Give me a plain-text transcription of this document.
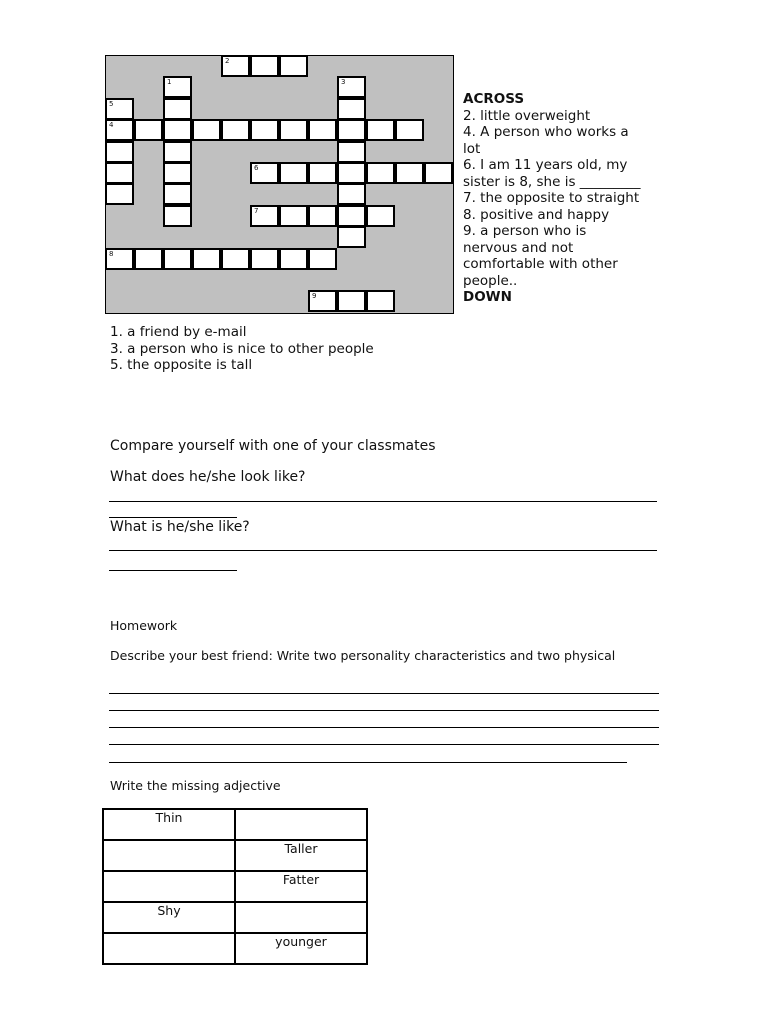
2
1	3
5
4
6
7
8
9
ACROSS
2. little overweight
4. A person who works a
lot
6. I am 11 years old, my
sister is 8, she is _________
7. the opposite to straight
8. positive and happy
9. a person who is
nervous and not
comfortable with other
people..
DOWN
1. a friend by e-mail
3. a person who is nice to other people
5. the opposite is tall
Compare yourself with one of your classmates
What does he/she look like?
What is he/she like?
Homework
Describe your best friend: Write two personality characteristics and two physical
Write the missing adjective
Thin	
	Taller
	Fatter
Shy	
	younger
